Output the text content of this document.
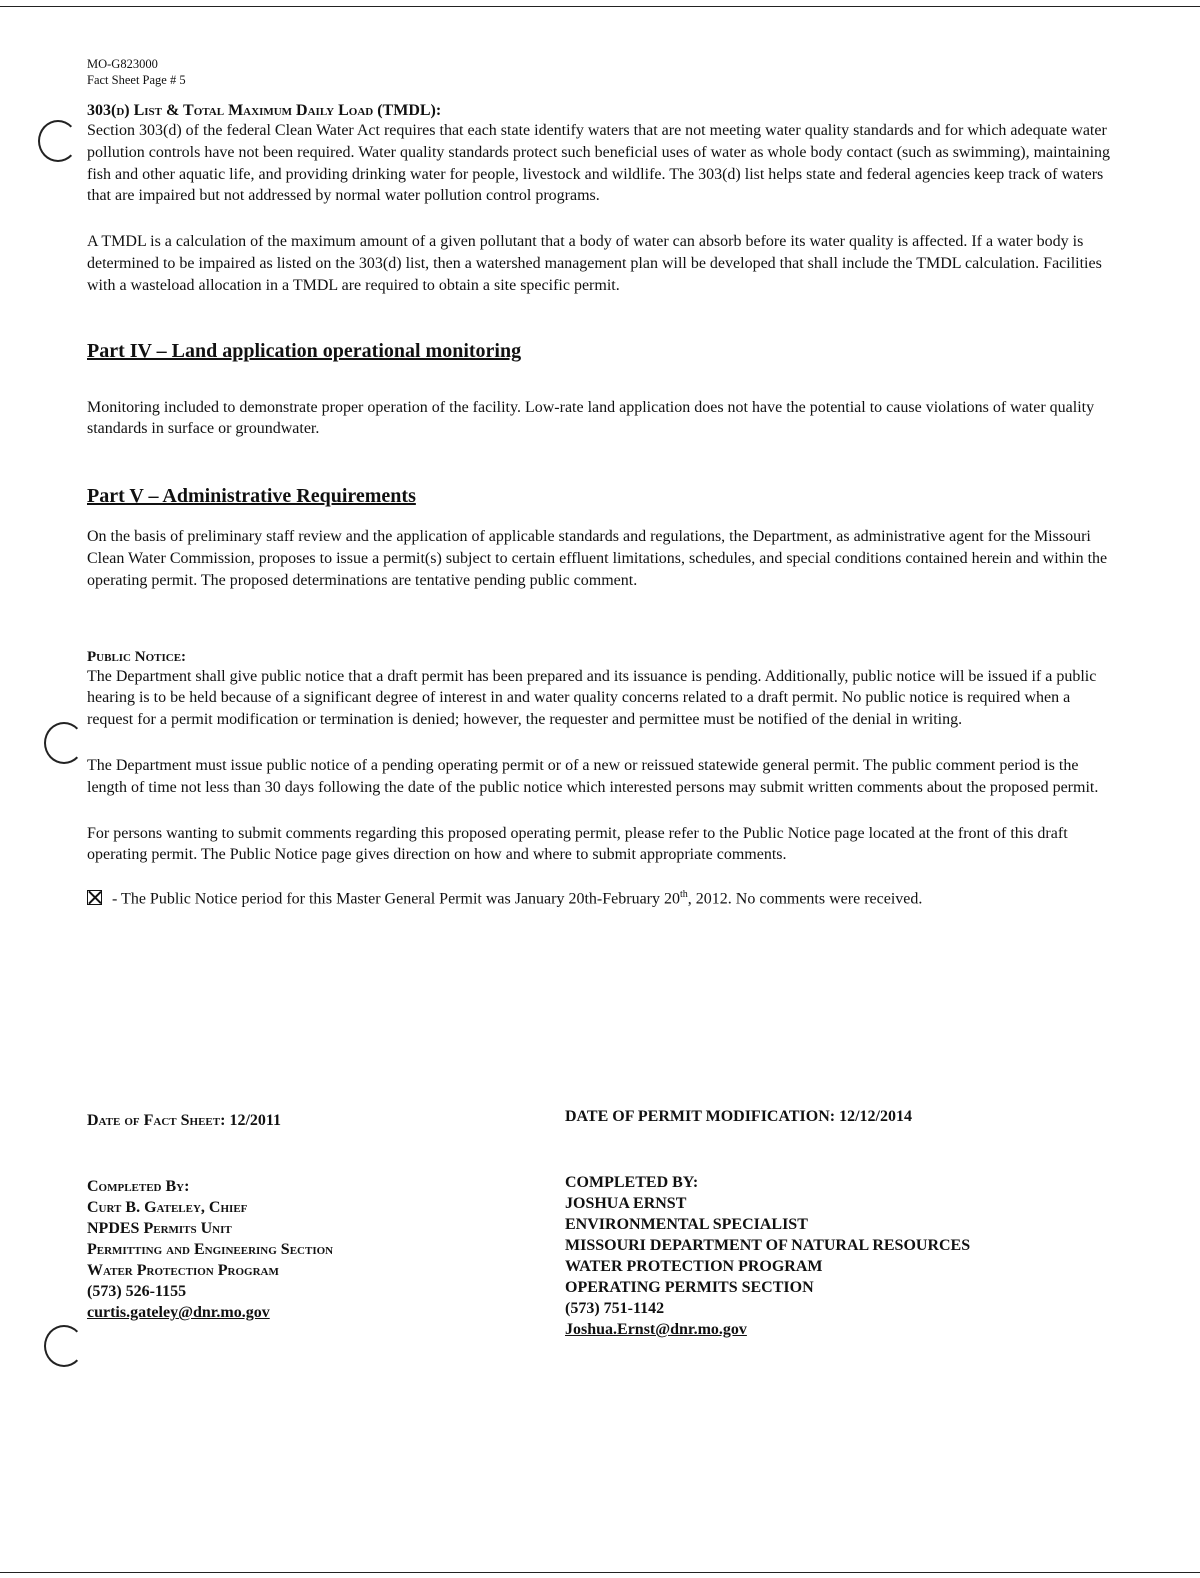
MO-G823000
Fact Sheet Page # 5
303(d) List & Total Maximum Daily Load (TMDL):

Section 303(d) of the federal Clean Water Act requires that each state identify waters that are not meeting water quality standards and for which adequate water pollution controls have not been required. Water quality standards protect such beneficial uses of water as whole body contact (such as swimming), maintaining fish and other aquatic life, and providing drinking water for people, livestock and wildlife. The 303(d) list helps state and federal agencies keep track of waters that are impaired but not addressed by normal water pollution control programs.

A TMDL is a calculation of the maximum amount of a given pollutant that a body of water can absorb before its water quality is affected. If a water body is determined to be impaired as listed on the 303(d) list, then a watershed management plan will be developed that shall include the TMDL calculation. Facilities with a wasteload allocation in a TMDL are required to obtain a site specific permit.

Part IV – Land application operational monitoring

Monitoring included to demonstrate proper operation of the facility. Low-rate land application does not have the potential to cause violations of water quality standards in surface or groundwater.

Part V – Administrative Requirements

On the basis of preliminary staff review and the application of applicable standards and regulations, the Department, as administrative agent for the Missouri Clean Water Commission, proposes to issue a permit(s) subject to certain effluent limitations, schedules, and special conditions contained herein and within the operating permit. The proposed determinations are tentative pending public comment.

Public Notice:

The Department shall give public notice that a draft permit has been prepared and its issuance is pending. Additionally, public notice will be issued if a public hearing is to be held because of a significant degree of interest in and water quality concerns related to a draft permit. No public notice is required when a request for a permit modification or termination is denied; however, the requester and permittee must be notified of the denial in writing.

The Department must issue public notice of a pending operating permit or of a new or reissued statewide general permit. The public comment period is the length of time not less than 30 days following the date of the public notice which interested persons may submit written comments about the proposed permit.

For persons wanting to submit comments regarding this proposed operating permit, please refer to the Public Notice page located at the front of this draft operating permit. The Public Notice page gives direction on how and where to submit appropriate comments.

- The Public Notice period for this Master General Permit was January 20th-February 20th, 2012. No comments were received.

Date of Fact Sheet: 12/2011	DATE OF PERMIT MODIFICATION: 12/12/2014
Completed By:
Curt B. Gateley, Chief
NPDES Permits Unit
Permitting and Engineering Section
Water Protection Program
(573) 526-1155
curtis.gateley@dnr.mo.gov
COMPLETED BY:
JOSHUA ERNST
ENVIRONMENTAL SPECIALIST
MISSOURI DEPARTMENT OF NATURAL RESOURCES
WATER PROTECTION PROGRAM
OPERATING PERMITS SECTION
(573) 751-1142
Joshua.Ernst@dnr.mo.gov
